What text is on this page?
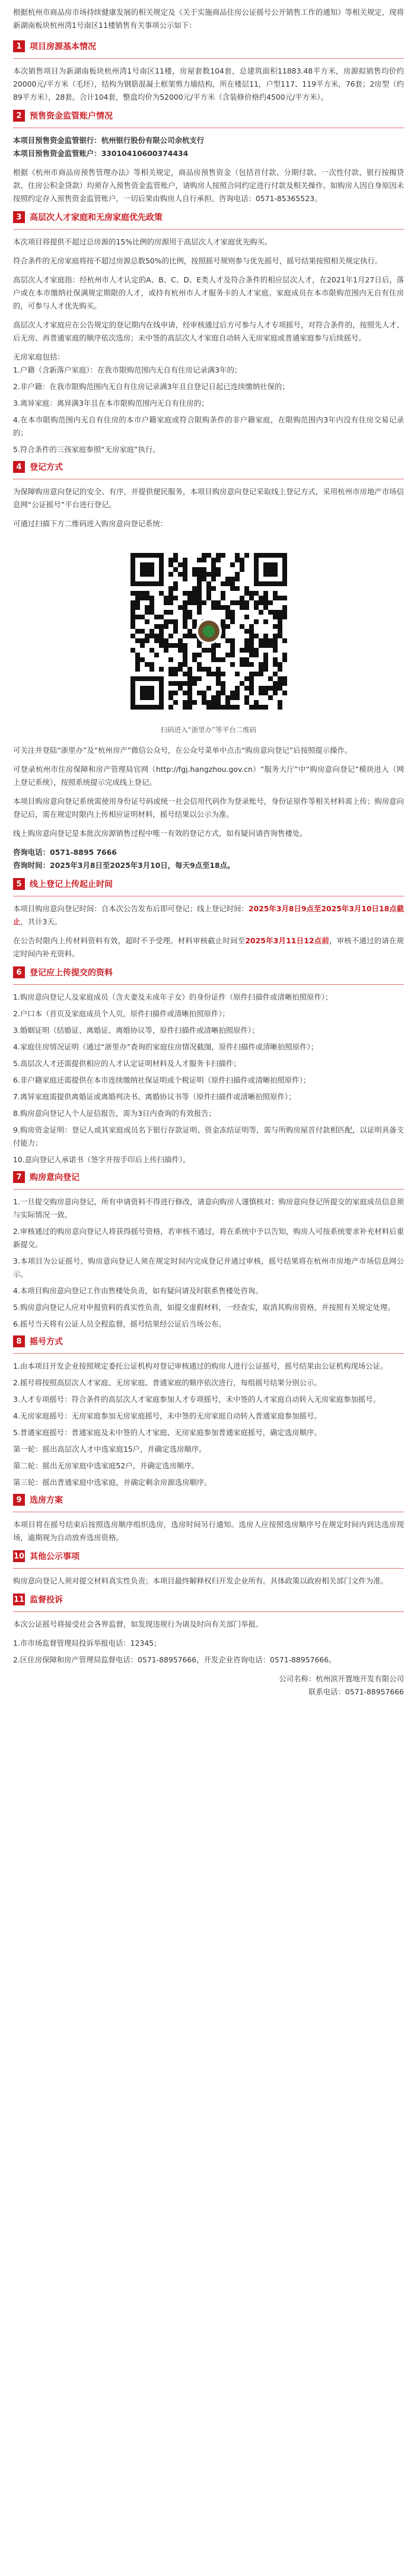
根据杭州市商品房市场持续健康发展的相关规定及《关于实施商品住房公证摇号公开销售工作的通知》等相关规定，现将新湖南板块杭州湾1号南区11楼销售有关事项公示如下：

1 项目房源基本情况

本次销售项目为新湖南板块杭州湾1号南区11楼，房屋套数104套，总建筑面积11883.48平方米，房源拟销售均价约20000元/平方米（毛坯），结构为钢筋混凝土框架剪力墙结构，所在楼层11，户型117、119平方米，76套；2房型（约89平方米），28套。合计104套，整盘均价为52000元/平方米（含装修价格约4500元/平方米）。

2 预售资金监管账户情况

本项目预售资金监管银行：杭州银行股份有限公司余杭支行

本项目预售资金监管账户：33010410600374434

根据《杭州市商品房预售管理办法》等相关规定，商品房预售资金（包括首付款、分期付款、一次性付款、银行按揭贷款、住房公积金贷款）均须存入预售资金监管账户，请购房人按照合同约定进行付款及相关操作。如购房人因自身原因未按照约定存入预售资金监管账户，一切后果由购房人自行承担。咨询电话：0571-85365523。

3 高层次人才家庭和无房家庭优先政策

本次项目将提供不超过总房源的15%比例的房源用于高层次人才家庭优先购买。

符合条件的无房家庭将按不超过房源总数50%的比例，按照摇号规则参与优先摇号，摇号结果按照相关规定执行。

高层次人才家庭指：经杭州市人才认定的A、B、C、D、E类人才及符合条件的相应层次人才，在2021年1月27日后，落户或在本市缴纳社保满规定期限的人才，或持有杭州市人才服务卡的人才家庭。家庭成员在本市限购范围内无自有住房的，可参与人才优先购买。

高层次人才家庭应在公告规定的登记期内在线申请，经审核通过后方可参与人才专项摇号，对符合条件的，按照先人才、后无房、再普通家庭的顺序依次选房；未中签的高层次人才家庭自动转入无房家庭或普通家庭参与后续摇号。

无房家庭包括：

1.户籍（含新落户家庭）：在我市限购范围内无自有住房记录满3年的；

2.非户籍：在我市限购范围内无自有住房记录满3年且自登记日起已连续缴纳社保的；

3.离异家庭：离异满3年且在本市限购范围内无自有住房的；

4.在本市限购范围内无自有住房的本市户籍家庭或符合限购条件的非户籍家庭，在限购范围内3年内没有住房交易记录的；

5.符合条件的三孩家庭参照“无房家庭”执行。

4 登记方式

为保障购房意向登记的安全、有序，并提供便民服务，本项目购房意向登记采取线上登记方式，采用杭州市房地产市场信息网“公证摇号”平台进行登记。

可通过扫描下方二维码进入购房意向登记系统：

扫码进入“浙里办”等平台二维码

可关注并登陆“浙里办”及“杭州房产”微信公众号，在公众号菜单中点击“购房意向登记”后按照提示操作。

可登录杭州市住房保障和房产管理局官网（http://fgj.hangzhou.gov.cn）“服务大厅”中“购房意向登记”模块进入（网上登记系统），按照系统提示完成线上登记。

本项目购房意向登记系统需使用身份证号码或统一社会信用代码作为登录账号，身份证原件等相关材料需上传；购房意向登记后，需在规定时限内上传相应证明材料，摇号结果以公示为准。

线上购房意向登记是本批次房源销售过程中唯一有效的登记方式，如有疑问请咨询售楼处。

咨询电话：0571-8895 7666

咨询时间：2025年3月8日至2025年3月10日，每天9点至18点。

5 线上登记上传起止时间

本项目购房意向登记时间：自本次公告发布后即可登记；线上登记时间：2025年3月8日9点至2025年3月10日18点截止，共计3天。

在公告时限内上传材料资料有效，超时不予受理。材料审核截止时间至2025年3月11日12点前，审核不通过的请在规定时间内补充资料。

6 登记应上传提交的资料

1.购房意向登记人及家庭成员（含夫妻及未成年子女）的身份证件（原件扫描件或清晰拍照原件）；

2.户口本（首页及家庭成员个人页，原件扫描件或清晰拍照原件）；

3.婚姻证明（结婚证、离婚证、离婚协议等，原件扫描件或清晰拍照原件）；

4.家庭住房情况证明（通过“浙里办”查询的家庭住房情况截图，原件扫描件或清晰拍照原件）；

5.高层次人才还需提供相应的人才认定证明材料及人才服务卡扫描件；

6.非户籍家庭还需提供在本市连续缴纳社保证明或个税证明（原件扫描件或清晰拍照原件）；

7.离异家庭需提供离婚证或离婚判决书、离婚协议书等（原件扫描件或清晰拍照原件）；

8.购房意向登记人个人征信报告，需为3日内查询的有效报告；

9.购房资金证明：登记人或其家庭成员名下银行存款证明、资金冻结证明等，需与所购房屋首付款相匹配，以证明具备支付能力；

10.意向登记人承诺书（签字并按手印后上传扫描件）。

7 购房意向登记

1.一旦提交购房意向登记，所有申请资料不得进行修改，请意向购房人谨慎核对；购房意向登记所提交的家庭成员信息须与实际情况一致。

2.审核通过的购房意向登记人将获得摇号资格，若审核不通过，将在系统中予以告知，购房人可按系统要求补充材料后重新提交。

3.本项目为公证摇号，购房意向登记人须在规定时间内完成登记并通过审核，摇号结果将在杭州市房地产市场信息网公示。

4.本项目购房意向登记工作由售楼处负责，如有疑问请及时联系售楼处咨询。

5.购房意向登记人应对申报资料的真实性负责，如提交虚假材料，一经查实，取消其购房资格，并按照有关规定处理。

6.摇号当天将有公证人员全程监督，摇号结果经公证后当场公布。

8 摇号方式

1.由本项目开发企业按照规定委托公证机构对登记审核通过的购房人进行公证摇号，摇号结果由公证机构现场公证。

2.摇号将按照高层次人才家庭、无房家庭、普通家庭的顺序依次进行，每组摇号结果分别公示。

3.人才专项摇号：符合条件的高层次人才家庭参加人才专项摇号，未中签的人才家庭自动转入无房家庭参加摇号。

4.无房家庭摇号：无房家庭参加无房家庭摇号，未中签的无房家庭自动转入普通家庭参加摇号。

5.普通家庭摇号：普通家庭及未中签的人才家庭、无房家庭参加普通家庭摇号，确定选房顺序。

第一轮：摇出高层次人才中选家庭15户，并确定选房顺序。

第二轮：摇出无房家庭中选家庭52户，并确定选房顺序。

第三轮：摇出普通家庭中选家庭，并确定剩余房源选房顺序。

9 选房方案

本项目将在摇号结束后按照选房顺序组织选房，选房时间另行通知。选房人应按照选房顺序号在规定时间内到达选房现场，逾期视为自动放弃选房资格。

10 其他公示事项

购房意向登记人须对提交材料真实性负责；本项目最终解释权归开发企业所有。具体政策以政府相关部门文件为准。

11 监督投诉

本次公证摇号将接受社会各界监督，如发现违规行为请及时向有关部门举报。

1.市市场监督管理局投诉举报电话：12345；

2.区住房保障和房产管理局监督电话：0571-88957666，开发企业咨询电话：0571-88957666。

公司名称：杭州滨开置地开发有限公司

联系电话：0571-88957666
